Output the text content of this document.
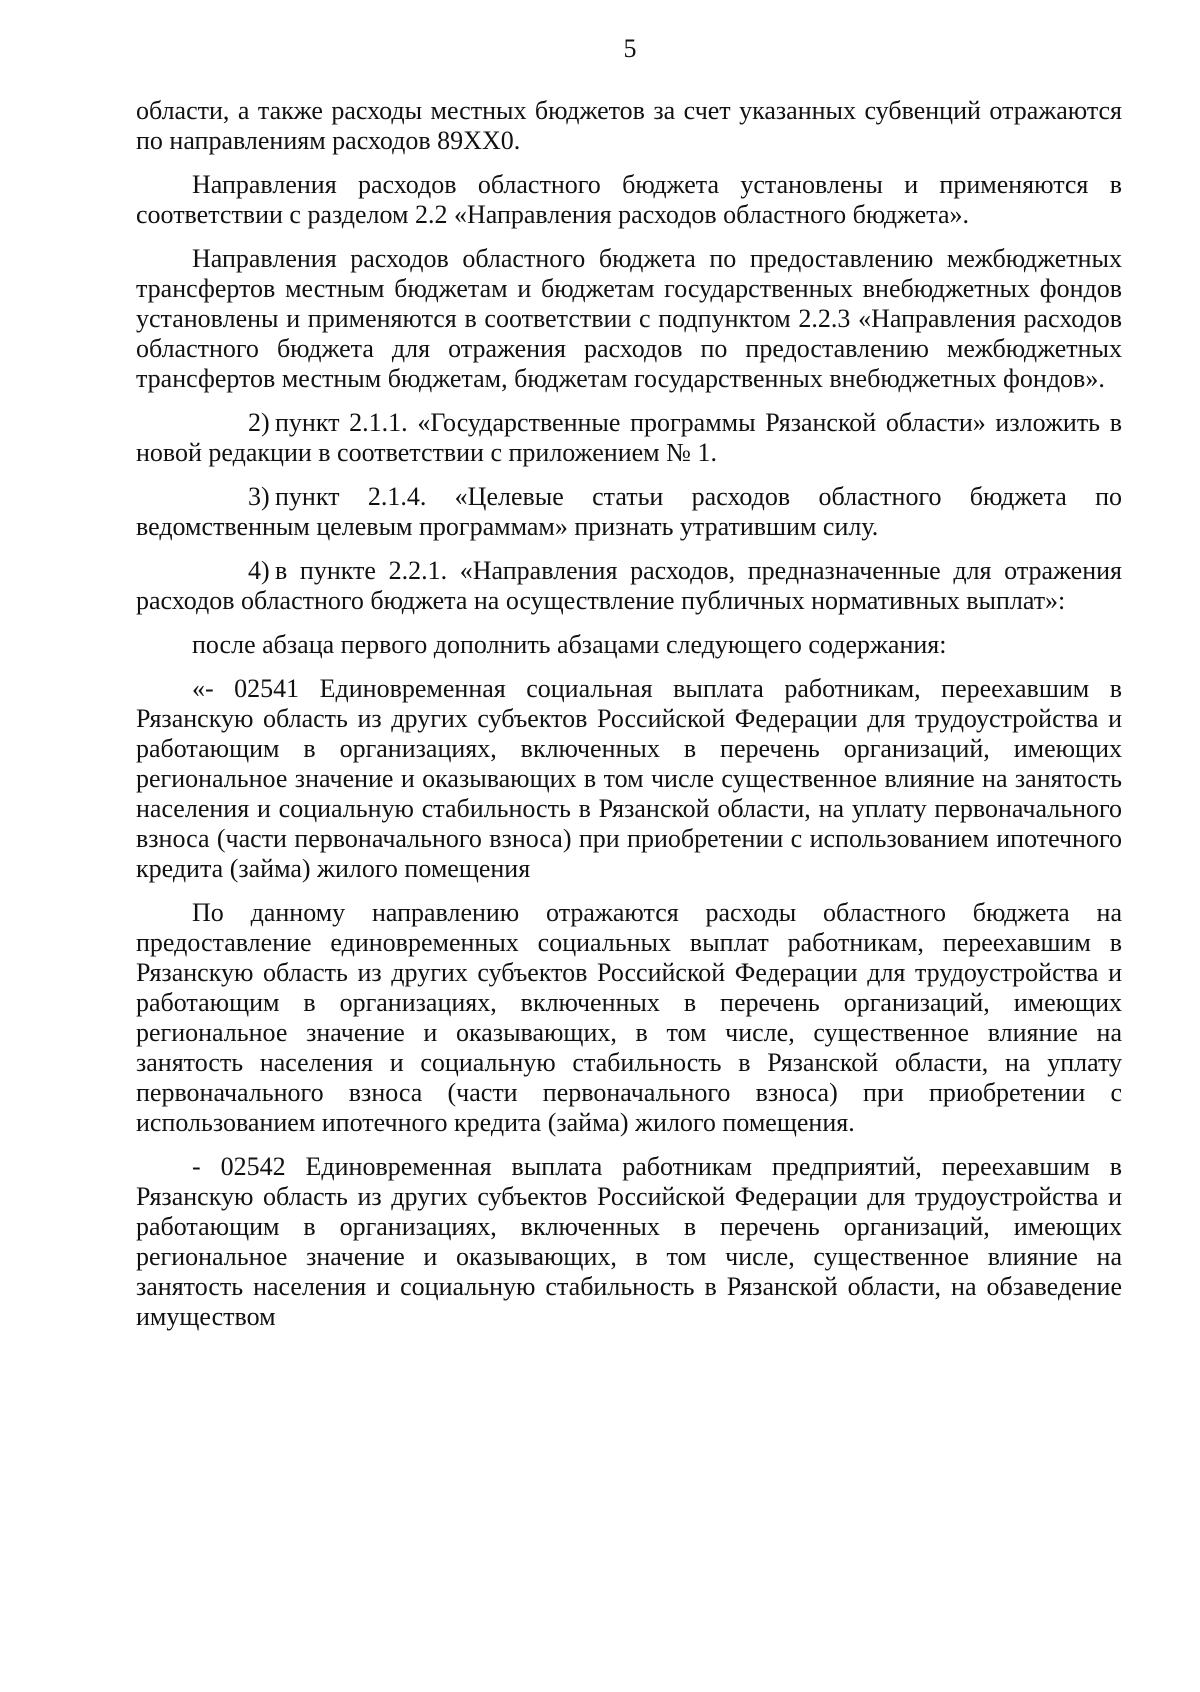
5

области, а также расходы местных бюджетов за счет указанных субвенций отражаются по направлениям расходов 89ХХ0.

Направления расходов областного бюджета установлены и применяются в соответствии с разделом 2.2 «Направления расходов областного бюджета».

Направления расходов областного бюджета по предоставлению межбюджетных трансфертов местным бюджетам и бюджетам государственных внебюджетных фондов установлены и применяются в соответствии с подпунктом 2.2.3 «Направления расходов областного бюджета для отражения расходов по предоставлению межбюджетных трансфертов местным бюджетам, бюджетам государственных внебюджетных фондов».

2) пункт 2.1.1. «Государственные программы Рязанской области» изложить в новой редакции в соответствии с приложением № 1.

3) пункт 2.1.4. «Целевые статьи расходов областного бюджета по ведомственным целевым программам» признать утратившим силу.

4) в пункте 2.2.1. «Направления расходов, предназначенные для отражения расходов областного бюджета на осуществление публичных нормативных выплат»:

после абзаца первого дополнить абзацами следующего содержания:

«- 02541 Единовременная социальная выплата работникам, переехавшим в Рязанскую область из других субъектов Российской Федерации для трудоустройства и работающим в организациях, включенных в перечень организаций, имеющих региональное значение и оказывающих в том числе существенное влияние на занятость населения и социальную стабильность в Рязанской области, на уплату первоначального взноса (части первоначального взноса) при приобретении с использованием ипотечного кредита (займа) жилого помещения

По данному направлению отражаются расходы областного бюджета на предоставление единовременных социальных выплат работникам, переехавшим в Рязанскую область из других субъектов Российской Федерации для трудоустройства и работающим в организациях, включенных в перечень организаций, имеющих региональное значение и оказывающих, в том числе, существенное влияние на занятость населения и социальную стабильность в Рязанской области, на уплату первоначального взноса (части первоначального взноса) при приобретении с использованием ипотечного кредита (займа) жилого помещения.

- 02542 Единовременная выплата работникам предприятий, переехавшим в Рязанскую область из других субъектов Российской Федерации для трудоустройства и работающим в организациях, включенных в перечень организаций, имеющих региональное значение и оказывающих, в том числе, существенное влияние на занятость населения и социальную стабильность в Рязанской области, на обзаведение имуществом
